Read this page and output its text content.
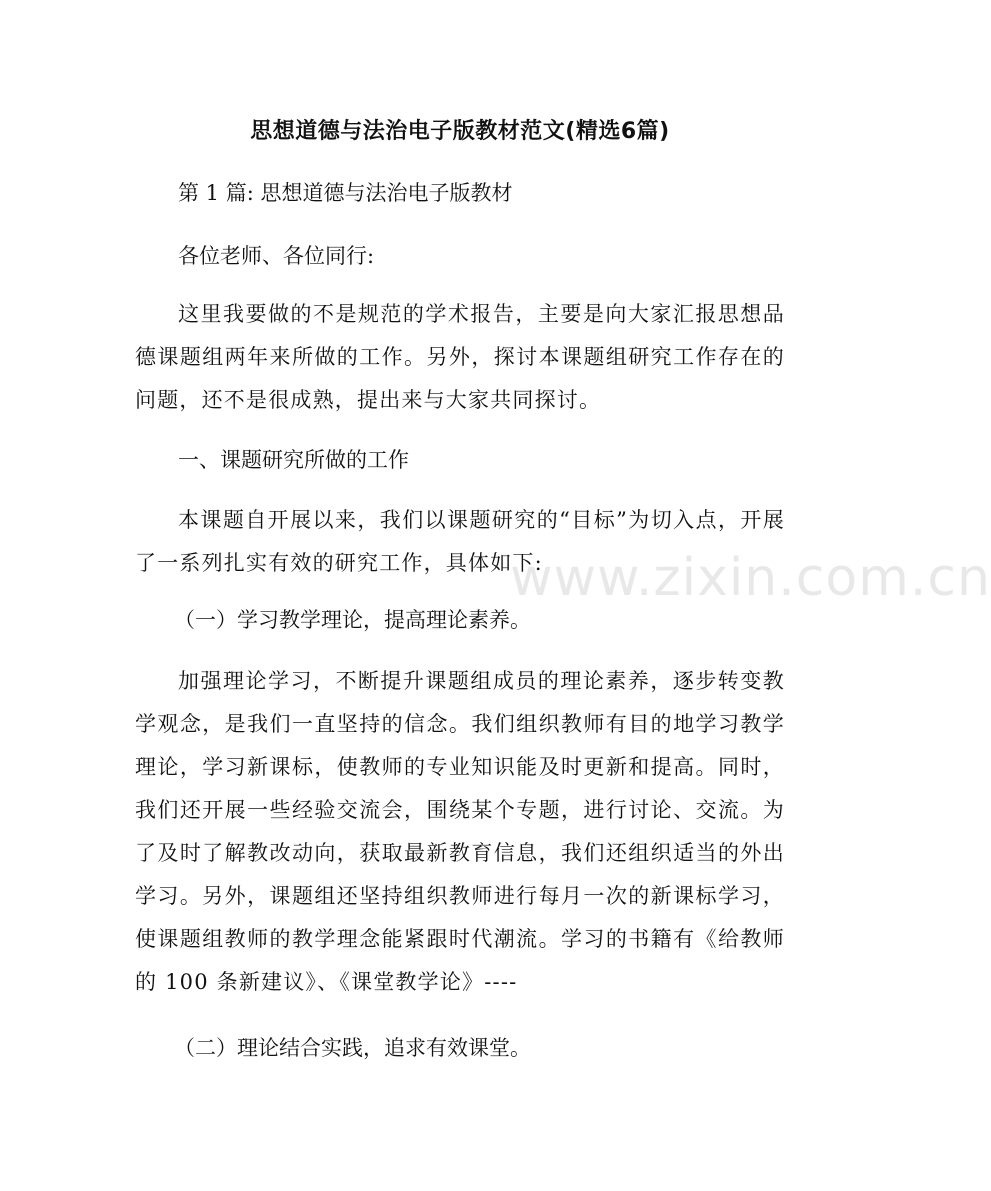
思想道德与法治电子版教材范文(精选6篇)
第 1 篇: 思想道德与法治电子版教材
各位老师、各位同行:
这里我要做的不是规范的学术报告，主要是向大家汇报思想品德课题组两年来所做的工作。另外，探讨本课题组研究工作存在的问题，还不是很成熟，提出来与大家共同探讨。
一、课题研究所做的工作
本课题自开展以来，我们以课题研究的“目标”为切入点，开展了一系列扎实有效的研究工作，具体如下:
（一）学习教学理论，提高理论素养。
加强理论学习，不断提升课题组成员的理论素养，逐步转变教学观念，是我们一直坚持的信念。我们组织教师有目的地学习教学理论，学习新课标，使教师的专业知识能及时更新和提高。同时，我们还开展一些经验交流会，围绕某个专题，进行讨论、交流。为了及时了解教改动向，获取最新教育信息，我们还组织适当的外出学习。另外，课题组还坚持组织教师进行每月一次的新课标学习，使课题组教师的教学理念能紧跟时代潮流。学习的书籍有《给教师的 100 条新建议》、《课堂教学论》----
（二）理论结合实践，追求有效课堂。
www.zixin.com.cn
